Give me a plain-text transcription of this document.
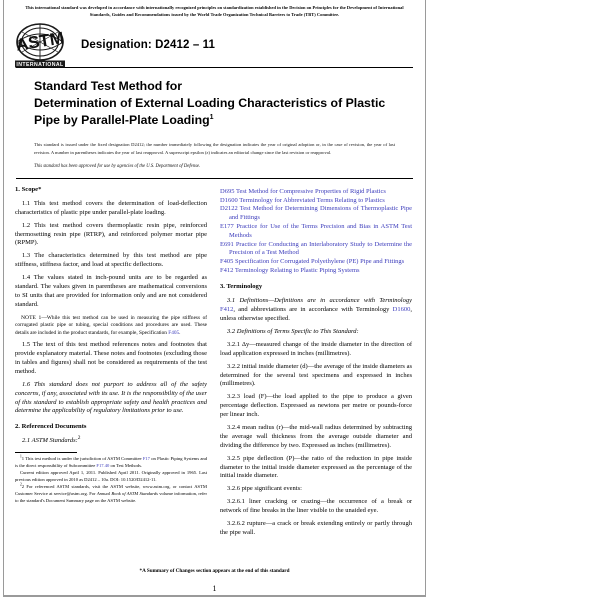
This international standard was developed in accordance with internationally recognized principles on standardization established in the Decision on Principles for the Development of International Standards, Guides and Recommendations issued by the World Trade Organization Technical Barriers to Trade (TBT) Committee.
ASTM
INTERNATIONAL
Designation: D2412 – 11
Standard Test Method for
Determination of External Loading Characteristics of Plastic
Pipe by Parallel-Plate Loading$^1$

This standard is issued under the fixed designation D2412; the number immediately following the designation indicates the year of original adoption or, in the case of revision, the year of last revision. A number in parentheses indicates the year of last reapproval. A superscript epsilon (ε) indicates an editorial change since the last revision or reapproval.

This standard has been approved for use by agencies of the U.S. Department of Defense.

1. Scope*

1.1 This test method covers the determination of load-deflection characteristics of plastic pipe under parallel-plate loading.

1.2 This test method covers thermoplastic resin pipe, reinforced thermosetting resin pipe (RTRP), and reinforced polymer mortar pipe (RPMP).

1.3 The characteristics determined by this test method are pipe stiffness, stiffness factor, and load at specific deflections.

1.4 The values stated in inch-pound units are to be regarded as standard. The values given in parentheses are mathematical conversions to SI units that are provided for information only and are not considered standard.

NOTE 1—While this test method can be used in measuring the pipe stiffness of corrugated plastic pipe or tubing, special conditions and procedures are used. These details are included in the product standards, for example, Specification F405.

1.5 The text of this test method references notes and footnotes that provide explanatory material. These notes and footnotes (excluding those in tables and figures) shall not be considered as requirements of the test method.

1.6 This standard does not purport to address all of the safety concerns, if any, associated with its use. It is the responsibility of the user of this standard to establish appropriate safety and health practices and determine the applicability of regulatory limitations prior to use.

2. Referenced Documents

2.1 ASTM Standards:$^2$

$^1$1 This test method is under the jurisdiction of ASTM Committee F17 on Plastic Piping Systems and is the direct responsibility of Subcommittee F17.40 on Test Methods.

Current edition approved April 1, 2011. Published April 2011. Originally approved in 1965. Last previous edition approved in 2010 as D2412 – 10a. DOI: 10.1520/D2412-11.

$^2$2 For referenced ASTM standards, visit the ASTM website, www.astm.org, or contact ASTM Customer Service at service@astm.org. For Annual Book of ASTM Standards volume information, refer to the standard's Document Summary page on the ASTM website.

D695 Test Method for Compressive Properties of Rigid Plastics
D1600 Terminology for Abbreviated Terms Relating to Plastics
D2122 Test Method for Determining Dimensions of Thermoplastic Pipe and Fittings
E177 Practice for Use of the Terms Precision and Bias in ASTM Test Methods
E691 Practice for Conducting an Interlaboratory Study to Determine the Precision of a Test Method
F405 Specification for Corrugated Polyethylene (PE) Pipe and Fittings
F412 Terminology Relating to Plastic Piping Systems
3. Terminology

3.1 Definitions—Definitions are in accordance with Terminology F412, and abbreviations are in accordance with Terminology D1600, unless otherwise specified.

3.2 Definitions of Terms Specific to This Standard:

3.2.1 Δy—measured change of the inside diameter in the direction of load application expressed in inches (millimetres).

3.2.2 initial inside diameter (d)—the average of the inside diameters as determined for the several test specimens and expressed in inches (millimetres).

3.2.3 load (F)—the load applied to the pipe to produce a given percentage deflection. Expressed as newtons per metre or pounds-force per linear inch.

3.2.4 mean radius (r)—the mid-wall radius determined by subtracting the average wall thickness from the average outside diameter and dividing the difference by two. Expressed as inches (millimetres).

3.2.5 pipe deflection (P)—the ratio of the reduction in pipe inside diameter to the initial inside diameter expressed as the percentage of the initial inside diameter.

3.2.6 pipe significant events:

3.2.6.1 liner cracking or crazing—the occurrence of a break or network of fine breaks in the liner visible to the unaided eye.

3.2.6.2 rupture—a crack or break extending entirely or partly through the pipe wall.

*A Summary of Changes section appears at the end of this standard
1
